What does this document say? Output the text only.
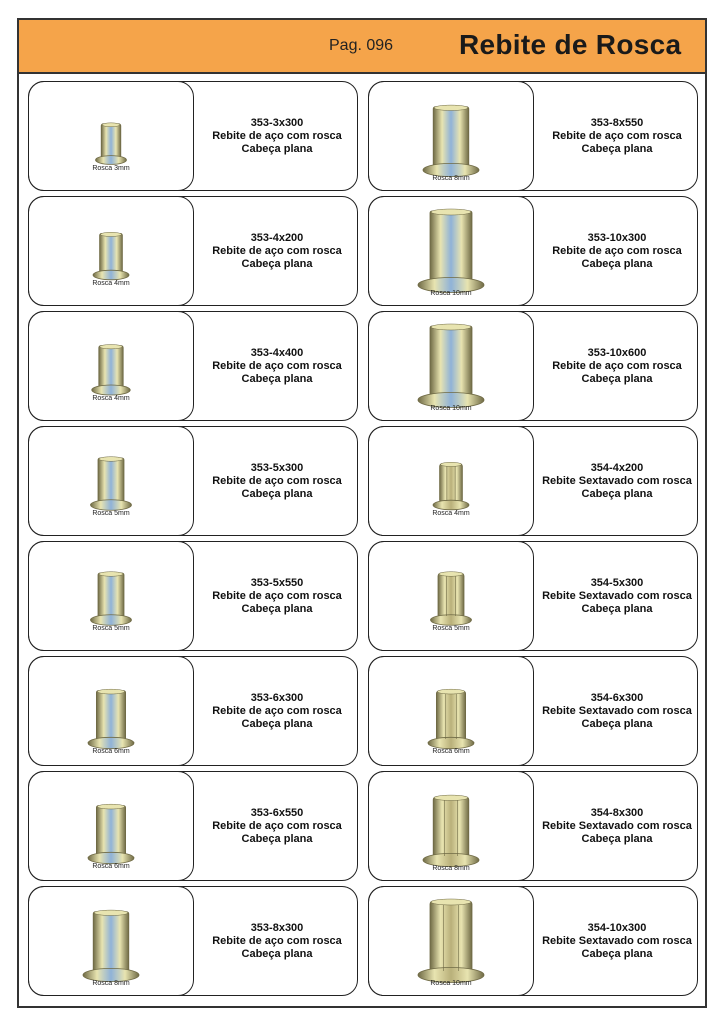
Pag. 096 Rebite de Rosca
Rosca 3mm
353-3x300
Rebite de aço com rosca
Cabeça plana
Rosca 8mm
353-8x550
Rebite de aço com rosca
Cabeça plana
Rosca 4mm
353-4x200
Rebite de aço com rosca
Cabeça plana
Rosca 10mm
353-10x300
Rebite de aço com rosca
Cabeça plana
Rosca 4mm
353-4x400
Rebite de aço com rosca
Cabeça plana
Rosca 10mm
353-10x600
Rebite de aço com rosca
Cabeça plana
Rosca 5mm
353-5x300
Rebite de aço com rosca
Cabeça plana
Rosca 4mm
354-4x200
Rebite Sextavado com rosca
Cabeça plana
Rosca 5mm
353-5x550
Rebite de aço com rosca
Cabeça plana
Rosca 5mm
354-5x300
Rebite Sextavado com rosca
Cabeça plana
Rosca 6mm
353-6x300
Rebite de aço com rosca
Cabeça plana
Rosca 6mm
354-6x300
Rebite Sextavado com rosca
Cabeça plana
Rosca 6mm
353-6x550
Rebite de aço com rosca
Cabeça plana
Rosca 8mm
354-8x300
Rebite Sextavado com rosca
Cabeça plana
Rosca 8mm
353-8x300
Rebite de aço com rosca
Cabeça plana
Rosca 10mm
354-10x300
Rebite Sextavado com rosca
Cabeça plana
